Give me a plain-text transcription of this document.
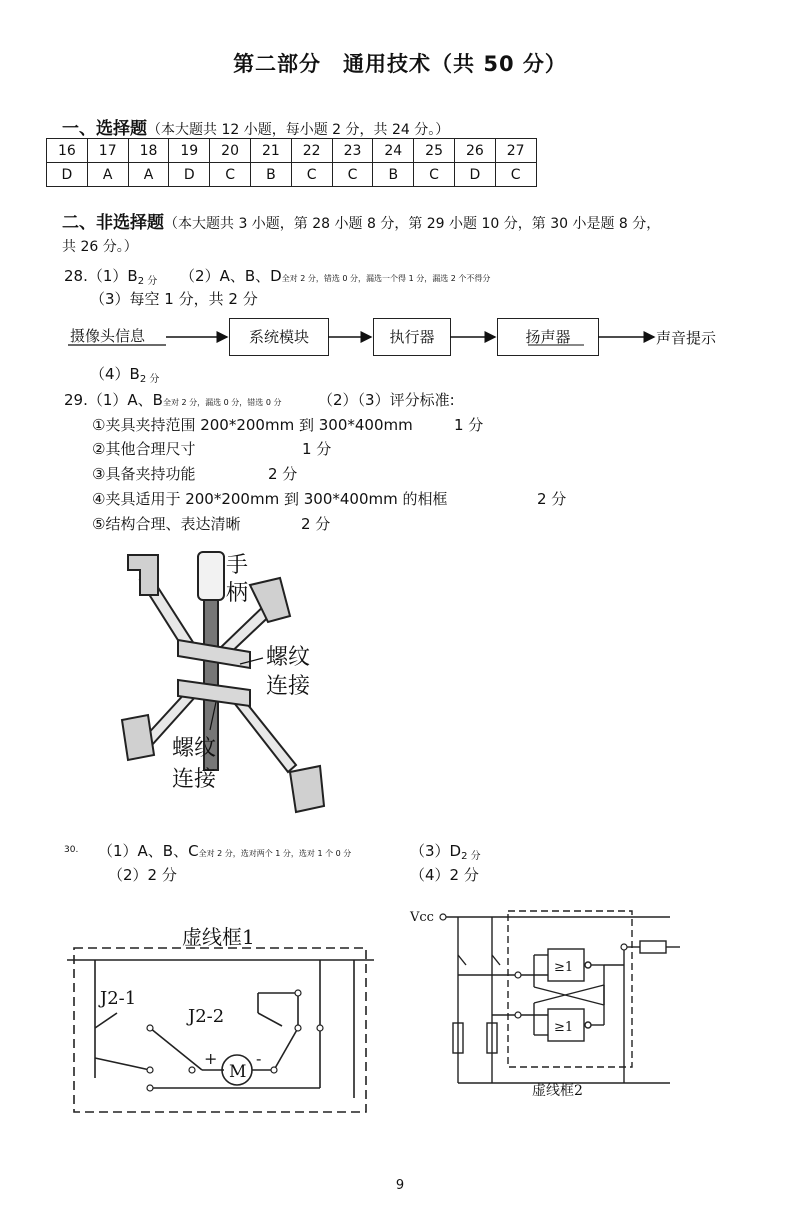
第二部分　通用技术（共 50 分）
一、选择题（本大题共 12 小题，每小题 2 分，共 24 分。）
16	17	18	19	20	21	22	23	24	25	26	27
D	A	A	D	C	B	C	C	B	C	D	C
二、非选择题（本大题共 3 小题，第 28 小题 8 分，第 29 小题 10 分，第 30 小是题 8 分，
共 26 分。）
$28.(1)B_{2 分}$ （2）A、B、D全对 2 分，错选 0 分，漏选一个得 1 分，漏选 2 个不得分
（3）每空 1 分，共 2 分
摄像头信息	系统模块	执行器	扬声器	声音提示
$(4)B_{2 分}$
29.（1）A、B全对 2 分，漏选 0 分，错选 0 分 （2）（3）评分标准:
①夹具夹持范围 200*200mm 到 300*400mm	1 分
②其他合理尺寸	1 分
③具备夹持功能	2 分
④夹具适用于 200*200mm 到 300*400mm 的相框	2 分
⑤结构合理、表达清晰	2 分
手
柄
螺纹
连接
螺纹
连接
30. （1）A、B、C全对 2 分，选对两个 1 分，选对 1 个 0 分	$(3)D_{2 分}$
（2）2 分	（4）2 分
虚线框1
J2-1
J2-2
+ -
M
Vcc
≥1
≥1
虚线框2
9
